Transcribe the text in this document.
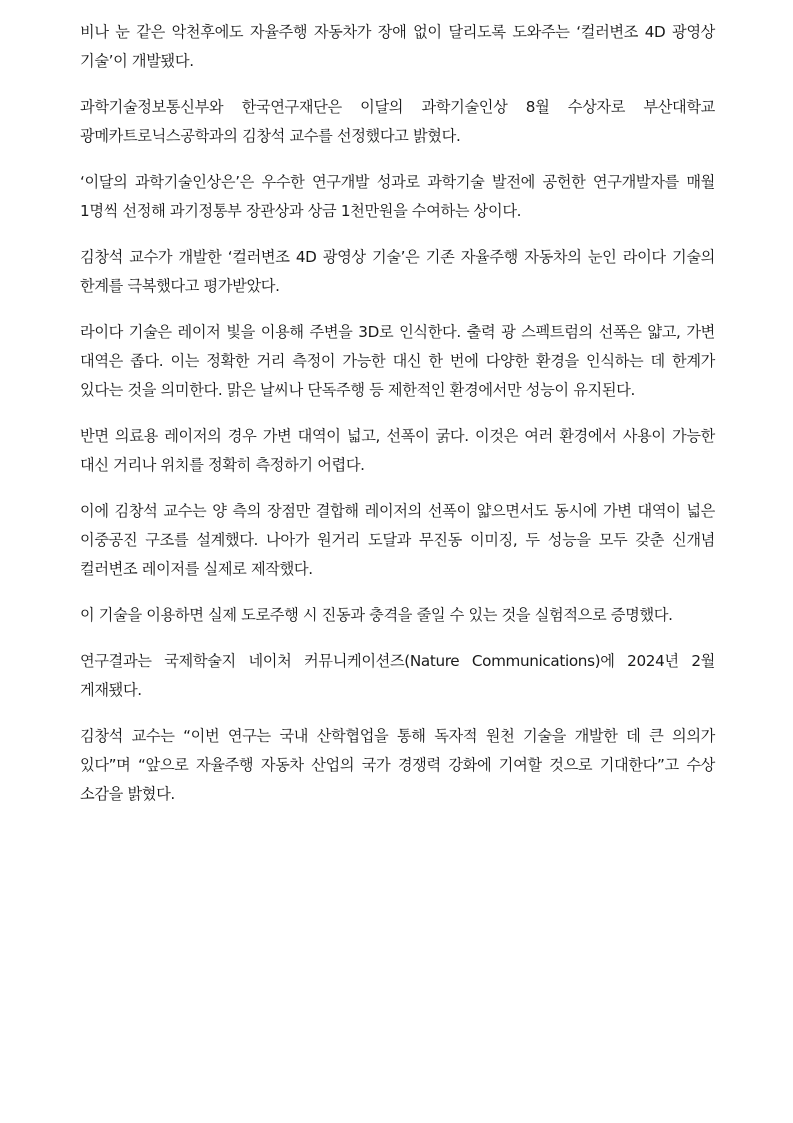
비나 눈 같은 악천후에도 자율주행 자동차가 장애 없이 달리도록 도와주는 ‘컬러변조 4D 광영상 기술’이 개발됐다.

과학기술정보통신부와 한국연구재단은 이달의 과학기술인상 8월 수상자로 부산대학교 광메카트로닉스공학과의 김창석 교수를 선정했다고 밝혔다.

‘이달의 과학기술인상은’은 우수한 연구개발 성과로 과학기술 발전에 공헌한 연구개발자를 매월 1명씩 선정해 과기정통부 장관상과 상금 1천만원을 수여하는 상이다.

김창석 교수가 개발한 ‘컬러변조 4D 광영상 기술’은 기존 자율주행 자동차의 눈인 라이다 기술의 한계를 극복했다고 평가받았다.

라이다 기술은 레이저 빛을 이용해 주변을 3D로 인식한다. 출력 광 스펙트럼의 선폭은 얇고, 가변 대역은 좁다. 이는 정확한 거리 측정이 가능한 대신 한 번에 다양한 환경을 인식하는 데 한계가 있다는 것을 의미한다. 맑은 날씨나 단독주행 등 제한적인 환경에서만 성능이 유지된다.

반면 의료용 레이저의 경우 가변 대역이 넓고, 선폭이 굵다. 이것은 여러 환경에서 사용이 가능한 대신 거리나 위치를 정확히 측정하기 어렵다.

이에 김창석 교수는 양 측의 장점만 결합해 레이저의 선폭이 얇으면서도 동시에 가변 대역이 넓은 이중공진 구조를 설계했다. 나아가 원거리 도달과 무진동 이미징, 두 성능을 모두 갖춘 신개념 컬러변조 레이저를 실제로 제작했다.

이 기술을 이용하면 실제 도로주행 시 진동과 충격을 줄일 수 있는 것을 실험적으로 증명했다.

연구결과는 국제학술지 네이처 커뮤니케이션즈(Nature Communications)에 2024년 2월 게재됐다.

김창석 교수는 “이번 연구는 국내 산학협업을 통해 독자적 원천 기술을 개발한 데 큰 의의가 있다”며 “앞으로 자율주행 자동차 산업의 국가 경쟁력 강화에 기여할 것으로 기대한다”고 수상 소감을 밝혔다.
